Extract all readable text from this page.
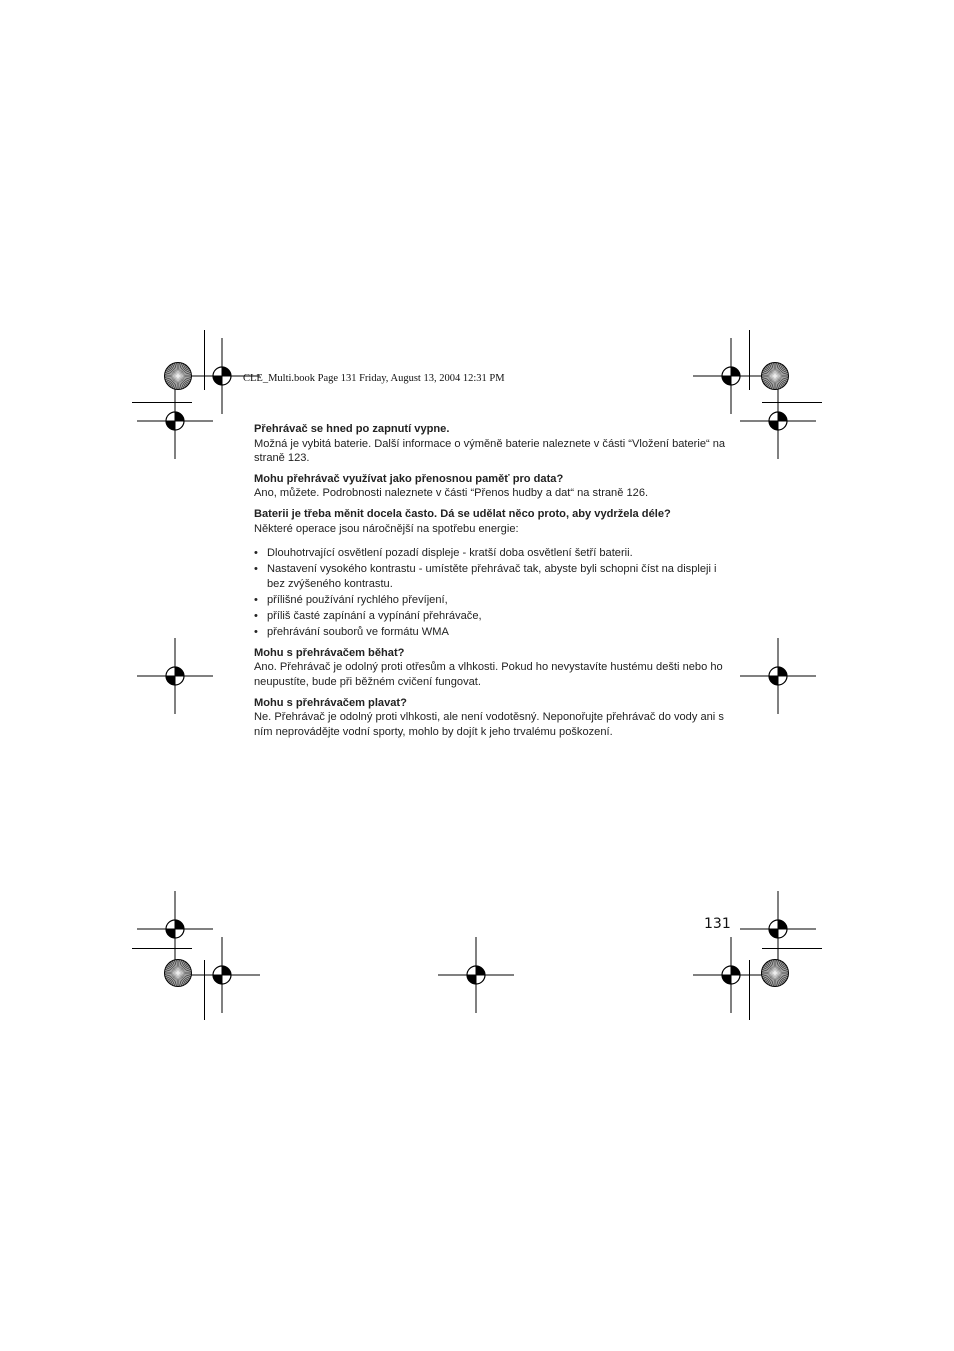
CLE_Multi.book Page 131 Friday, August 13, 2004 12:31 PM
Přehrávač se hned po zapnutí vypne.
Možná je vybitá baterie. Další informace o výměně baterie naleznete v části “Vložení baterie“ na straně 123.
Mohu přehrávač využívat jako přenosnou paměť pro data?
Ano, můžete. Podrobnosti naleznete v části “Přenos hudby a dat“ na straně 126.
Baterii je třeba měnit docela často. Dá se udělat něco proto, aby vydržela déle?
Některé operace jsou náročnější na spotřebu energie:
• Dlouhotrvající osvětlení pozadí displeje - kratší doba osvětlení šetří baterii.
• Nastavení vysokého kontrastu - umístěte přehrávač tak, abyste byli schopni číst na displeji i bez zvýšeného kontrastu.
• přílišné používání rychlého převíjení,
• příliš časté zapínání a vypínání přehrávače,
• přehrávání souborů ve formátu WMA
Mohu s přehrávačem běhat?
Ano. Přehrávač je odolný proti otřesům a vlhkosti. Pokud ho nevystavíte hustému dešti nebo ho neupustíte, bude při běžném cvičení fungovat.
Mohu s přehrávačem plavat?
Ne. Přehrávač je odolný proti vlhkosti, ale není vodotěsný. Neponořujte přehrávač do vody ani s ním neprovádějte vodní sporty, mohlo by dojít k jeho trvalému poškození.
131
